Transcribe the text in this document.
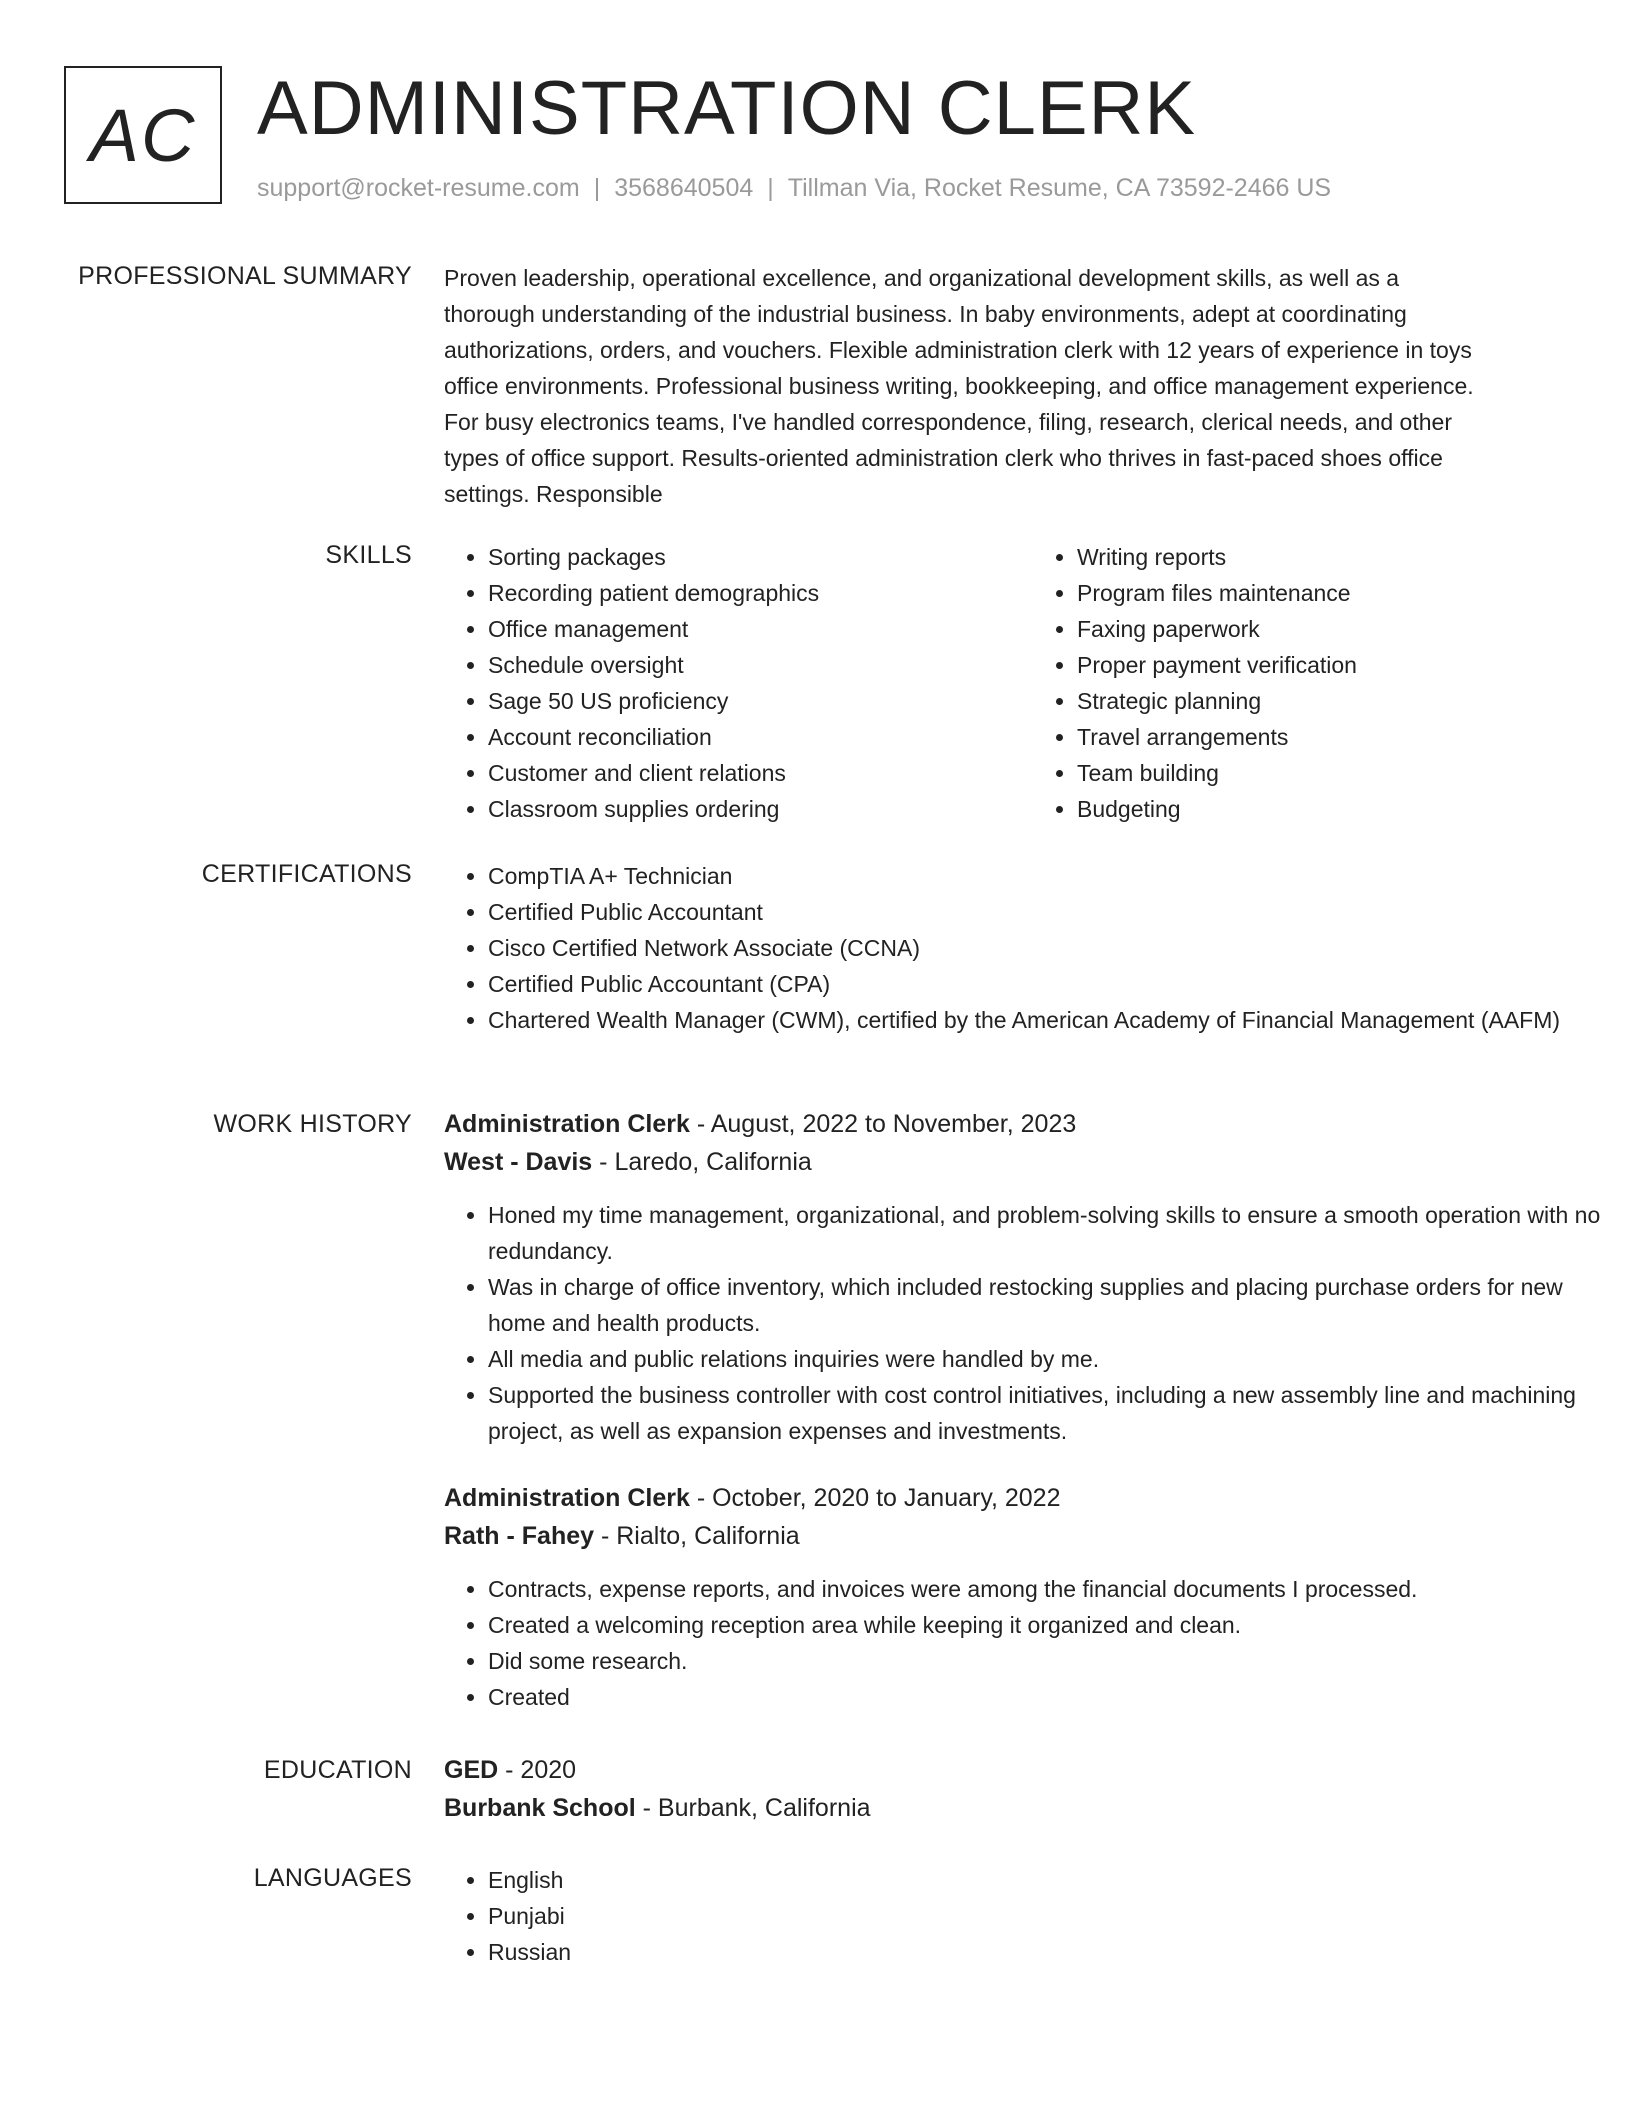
AC ADMINISTRATION CLERK
support@rocket-resume.com | 3568640504 | Tillman Via, Rocket Resume, CA 73592-2466 US
PROFESSIONAL SUMMARY Proven leadership, operational excellence, and organizational development skills, as well as a
thorough understanding of the industrial business. In baby environments, adept at coordinating
authorizations, orders, and vouchers. Flexible administration clerk with 12 years of experience in toys
office environments. Professional business writing, bookkeeping, and office management experience.
For busy electronics teams, I've handled correspondence, filing, research, clerical needs, and other
types of office support. Results-oriented administration clerk who thrives in fast-paced shoes office
settings. Responsible
SKILLS	• Sorting packages
• Recording patient demographics
• Office management
• Schedule oversight
• Sage 50 US proficiency
• Account reconciliation
• Customer and client relations
• Classroom supplies ordering
• Writing reports
• Program files maintenance
• Faxing paperwork
• Proper payment verification
• Strategic planning
• Travel arrangements
• Team building
• Budgeting
CERTIFICATIONS	• CompTIA A+ Technician
• Certified Public Accountant
• Cisco Certified Network Associate (CCNA)
• Certified Public Accountant (CPA)
• Chartered Wealth Manager (CWM), certified by the American Academy of Financial Management (AAFM)
WORK HISTORY Administration Clerk - August, 2022 to November, 2023
West - Davis - Laredo, California
• Honed my time management, organizational, and problem-solving skills to ensure a smooth operation with no redundancy.
• Was in charge of office inventory, which included restocking supplies and placing purchase orders for new home and health products.
• All media and public relations inquiries were handled by me.
• Supported the business controller with cost control initiatives, including a new assembly line and machining project, as well as expansion expenses and investments.
Administration Clerk - October, 2020 to January, 2022
Rath - Fahey - Rialto, California
• Contracts, expense reports, and invoices were among the financial documents I processed.
• Created a welcoming reception area while keeping it organized and clean.
• Did some research.
• Created
EDUCATION GED - 2020
Burbank School - Burbank, California
LANGUAGES	• English
• Punjabi
• Russian
